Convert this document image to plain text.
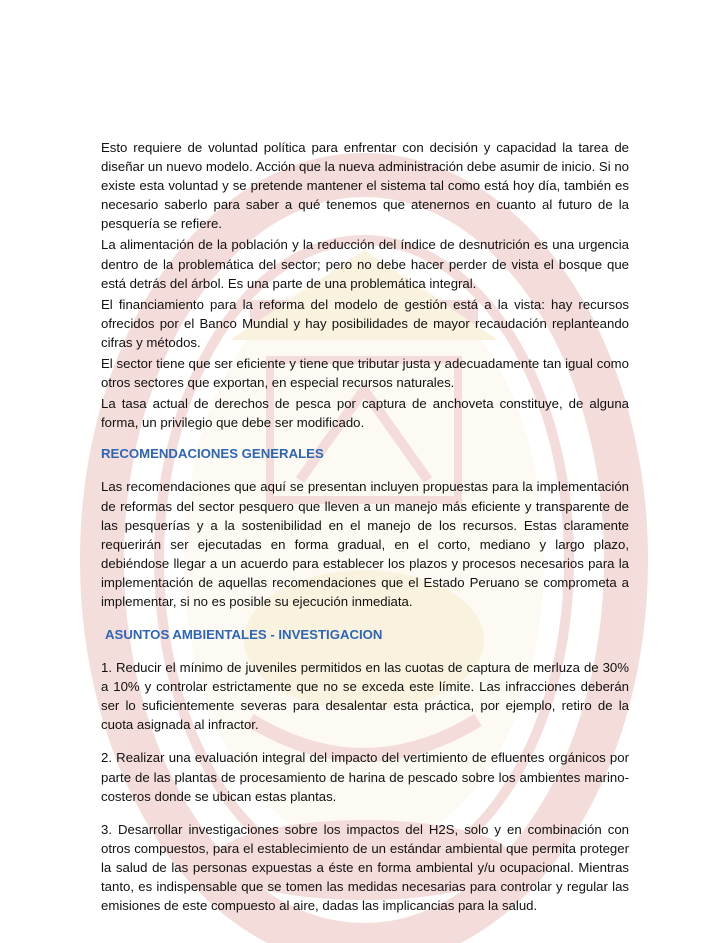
Esto requiere de voluntad política para enfrentar con decisión y capacidad la tarea de diseñar un nuevo modelo. Acción que la nueva administración debe asumir de inicio. Si no existe esta voluntad y se pretende mantener el sistema tal como está hoy día, también es necesario saberlo para saber a qué tenemos que atenernos en cuanto al futuro de la pesquería se refiere.

La alimentación de la población y la reducción del índice de desnutrición es una urgencia dentro de la problemática del sector; pero no debe hacer perder de vista el bosque que está detrás del árbol. Es una parte de una problemática integral.

El financiamiento para la reforma del modelo de gestión está a la vista: hay recursos ofrecidos por el Banco Mundial y hay posibilidades de mayor recaudación replanteando cifras y métodos.

El sector tiene que ser eficiente y tiene que tributar justa y adecuadamente tan igual como otros sectores que exportan, en especial recursos naturales.

La tasa actual de derechos de pesca por captura de anchoveta constituye, de alguna forma, un privilegio que debe ser modificado.

RECOMENDACIONES GENERALES

Las recomendaciones que aquí se presentan incluyen propuestas para la implementación de reformas del sector pesquero que lleven a un manejo más eficiente y transparente de las pesquerías y a la sostenibilidad en el manejo de los recursos. Estas claramente requerirán ser ejecutadas en forma gradual, en el corto, mediano y largo plazo, debiéndose llegar a un acuerdo para establecer los plazos y procesos necesarios para la implementación de aquellas recomendaciones que el Estado Peruano se comprometa a implementar, si no es posible su ejecución inmediata.

ASUNTOS AMBIENTALES - INVESTIGACION

1. Reducir el mínimo de juveniles permitidos en las cuotas de captura de merluza de 30% a 10% y controlar estrictamente que no se exceda este límite. Las infracciones deberán ser lo suficientemente severas para desalentar esta práctica, por ejemplo, retiro de la cuota asignada al infractor.

2. Realizar una evaluación integral del impacto del vertimiento de efluentes orgánicos por parte de las plantas de procesamiento de harina de pescado sobre los ambientes marino-costeros donde se ubican estas plantas.

3. Desarrollar investigaciones sobre los impactos del H2S, solo y en combinación con otros compuestos, para el establecimiento de un estándar ambiental que permita proteger la salud de las personas expuestas a éste en forma ambiental y/u ocupacional. Mientras tanto, es indispensable que se tomen las medidas necesarias para controlar y regular las emisiones de este compuesto al aire, dadas las implicancias para la salud.
